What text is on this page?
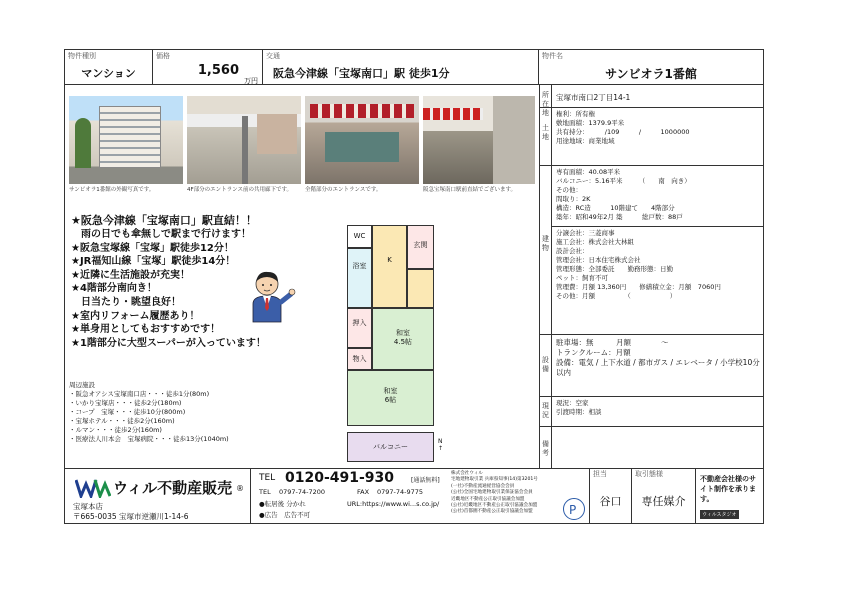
物件種別
マンション
価格
1,560
万円
交通
阪急今津線「宝塚南口」駅 徒歩1分
物件名
サンビオラ1番館
サンビオラ1番館の外観写真です。	4F部分のエントランス前の共用廊下です。	全階部分のエントランスです。	阪急宝塚南口駅前直結でございます。
★阪急今津線「宝塚南口」駅直結！！
　雨の日でも傘無しで駅まで行けます！
★阪急宝塚線「宝塚」駅徒歩12分！
★JR福知山線「宝塚」駅徒歩14分！
★近隣に生活施設が充実！
★4階部分南向き！
　日当たり・眺望良好！
★室内リフォーム履歴あり！
★単身用としてもおすすめです！
★1階部分に大型スーパーが入っています！
周辺施設
・阪急オアシス宝塚南口店・・・徒歩1分(80m)
・いかり宝塚店・・・徒歩2分(180m)
・コープ　宝塚・・・徒歩10分(800m)
・宝塚ホテル・・・徒歩2分(160m)
・ルマン・・・徒歩2分(160m)
・医療法人川本会　宝塚病院・・・徒歩13分(1040m)
WC
玄関
浴室
K
押入
和室
4.5帖
物入
和室
6帖
バルコニー
N
↑
所在地
宝塚市南口2丁目14-1
土地
権利：所有権
敷地面積：1379.9平米
共有持分：　　　/109　　　/　　　1000000
用途地域：商業地域
建物
専有面積：40.08平米
バルコニー：5.16平米　　　（　　南　向き）
その他：
間取り：2K
構造：RC造　　　10階建て　　4階部分
築年：昭和49年2月 築　　　総戸数：88戸
分譲会社：三菱商事
施工会社：株式会社大林組
設計会社：
管理会社：日本住宅株式会社
管理形態：全部委託　　勤務形態：日勤
ペット：飼育不可
管理費：月額 13,360円　　修繕積立金：月額　7060円
その他：月額　　　　　（　　　　　　）
設備
駐車場：無　　　月額　　　　〜
トランクルーム：月額
設備：電気 / 上下水道 / 都市ガス / エレベータ / 小学校10分以内
現況
現況：空家
引渡時期：相談
備考
ウィル不動産販売 ®
宝塚本店
〒665-0035 宝塚市逆瀬川1-14-6
TEL 0120-491-930	[通話無料]
TEL 0797-74-7200	FAX 0797-74-9775
●転居後 分かれ	URL:https://www.wi...s.co.jp/
●広告　広告不可
株式会社ウィル
宅地建物取引業 兵庫県知事(14)第3201号
(一社)不動産流通経営協会会員
(公社)全国宅地建物取引業保証協会会員
近畿地区不動産公正取引協議会加盟
(公社)近畿地区不動産公正取引協議会加盟
(公社)首都圏不動産公正取引協議会加盟	P
担当
谷口
取引態様
専任媒介
不動産会社様のサイト制作を承ります。
ウィルスタジオ
